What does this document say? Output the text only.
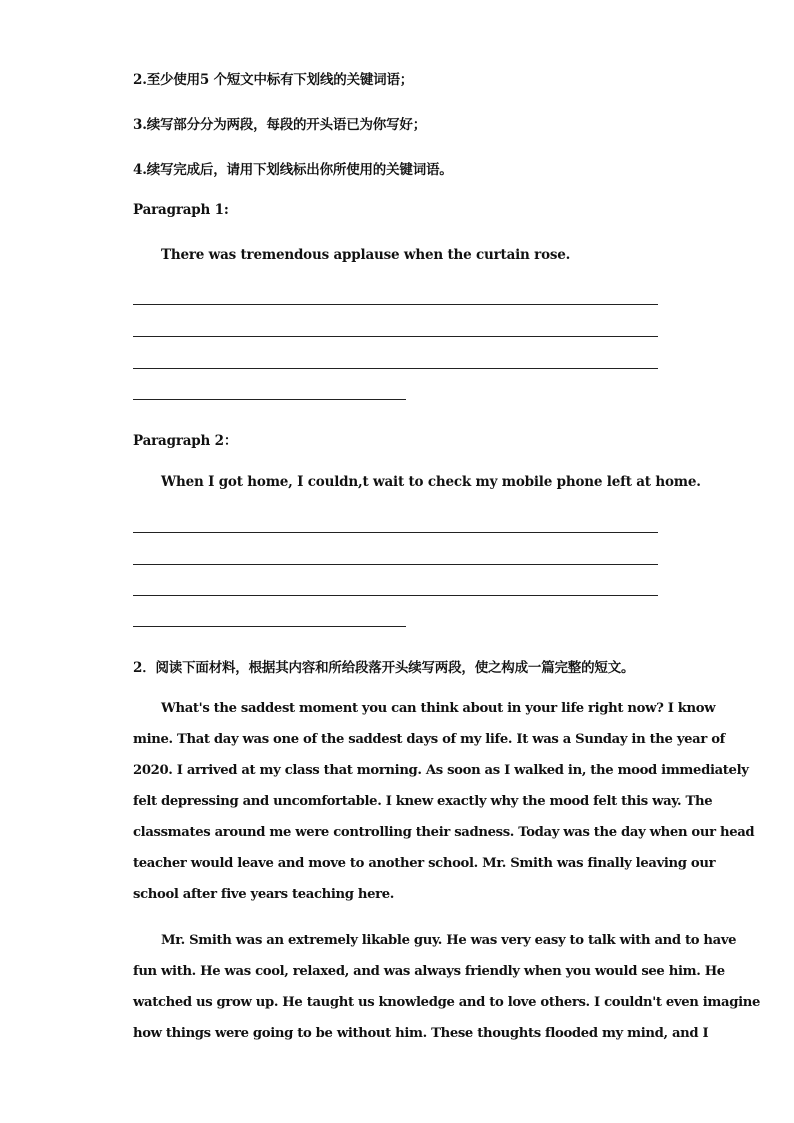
2.至少使用5 个短文中标有下划线的关键词语；
3.续写部分分为两段，每段的开头语已为你写好；
4.续写完成后，请用下划线标出你所使用的关键词语。
Paragraph 1:
There was tremendous applause when the curtain rose.
Paragraph 2：
When I got home, I couldn,t wait to check my mobile phone left at home.
2．阅读下面材料，根据其内容和所给段落开头续写两段，使之构成一篇完整的短文。
What's the saddest moment you can think about in your life right now? I know
mine. That day was one of the saddest days of my life. It was a Sunday in the year of
2020. I arrived at my class that morning. As soon as I walked in, the mood immediately
felt depressing and uncomfortable. I knew exactly why the mood felt this way. The
classmates around me were controlling their sadness. Today was the day when our head
teacher would leave and move to another school. Mr. Smith was finally leaving our
school after five years teaching here.
Mr. Smith was an extremely likable guy. He was very easy to talk with and to have
fun with. He was cool, relaxed, and was always friendly when you would see him. He
watched us grow up. He taught us knowledge and to love others. I couldn't even imagine
how things were going to be without him. These thoughts flooded my mind, and I
